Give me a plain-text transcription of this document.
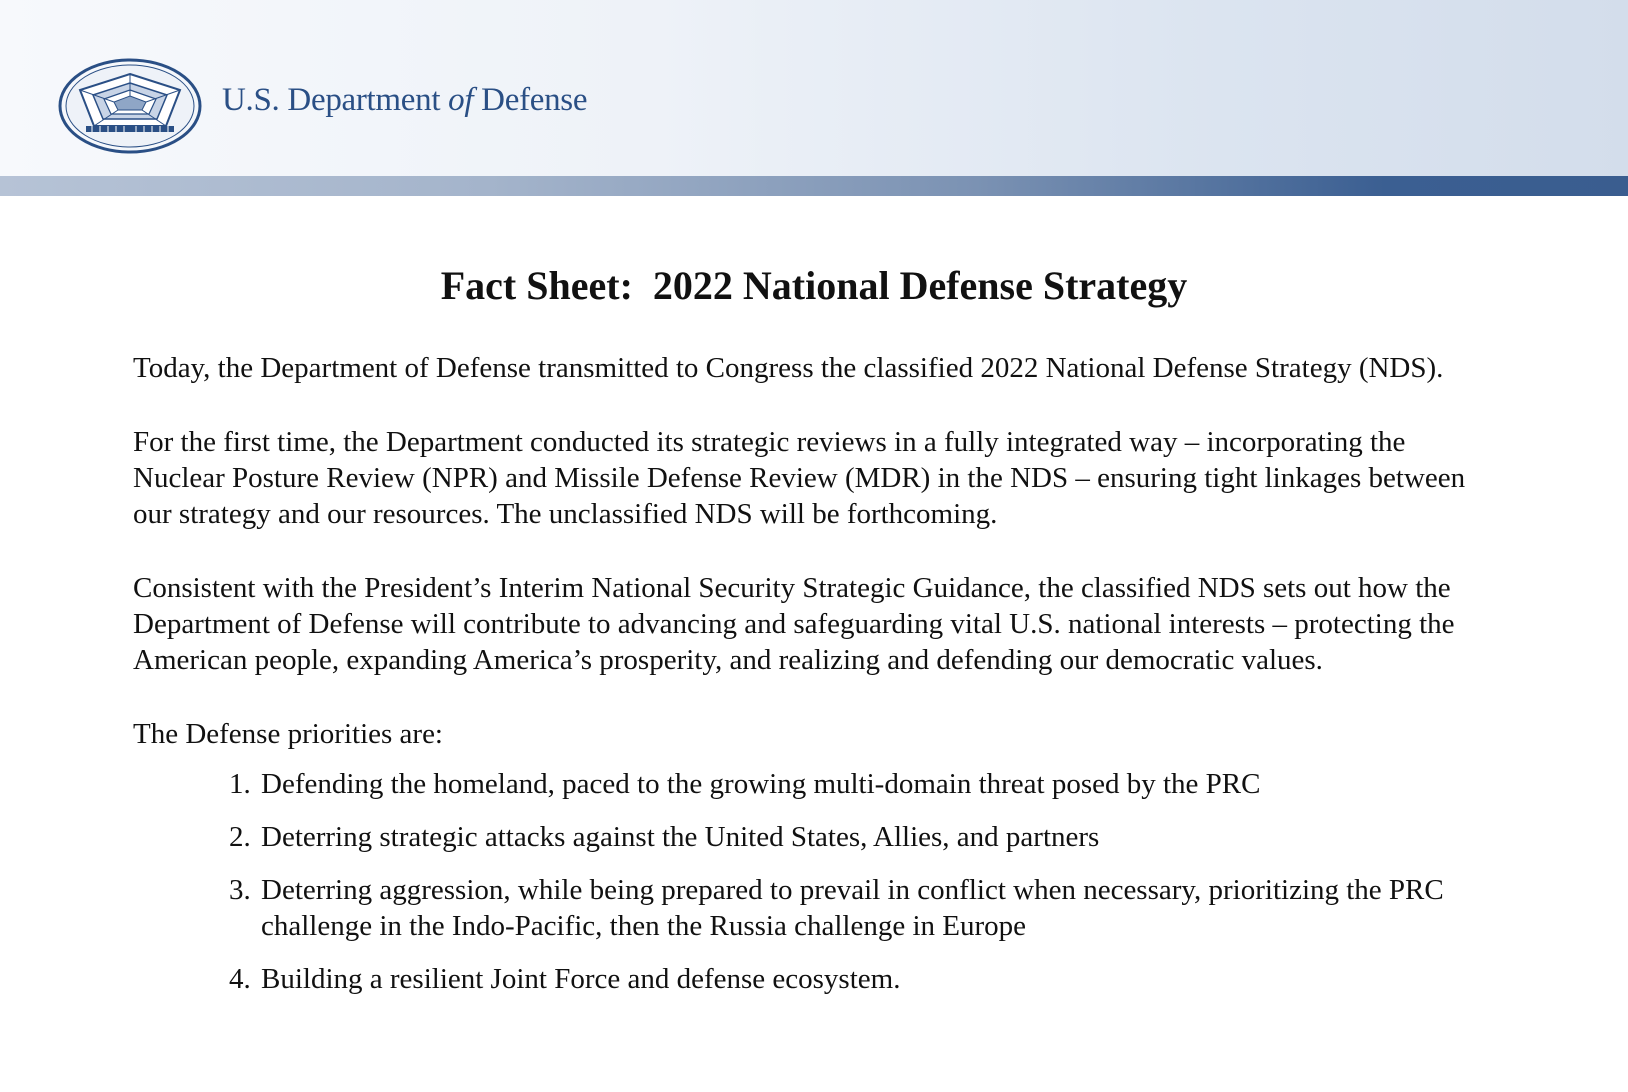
U.S. Department of Defense
Fact Sheet:  2022 National Defense Strategy

Today, the Department of Defense transmitted to Congress the classified 2022 National Defense Strategy (NDS).

For the first time, the Department conducted its strategic reviews in a fully integrated way – incorporating the Nuclear Posture Review (NPR) and Missile Defense Review (MDR) in the NDS – ensuring tight linkages between our strategy and our resources. The unclassified NDS will be forthcoming.

Consistent with the President’s Interim National Security Strategic Guidance, the classified NDS sets out how the Department of Defense will contribute to advancing and safeguarding vital U.S. national interests – protecting the American people, expanding America’s prosperity, and realizing and defending our democratic values.

The Defense priorities are:

1. Defending the homeland, paced to the growing multi-domain threat posed by the PRC
2. Deterring strategic attacks against the United States, Allies, and partners
3. Deterring aggression, while being prepared to prevail in conflict when necessary, prioritizing the PRC challenge in the Indo-Pacific, then the Russia challenge in Europe
4. Building a resilient Joint Force and defense ecosystem.
